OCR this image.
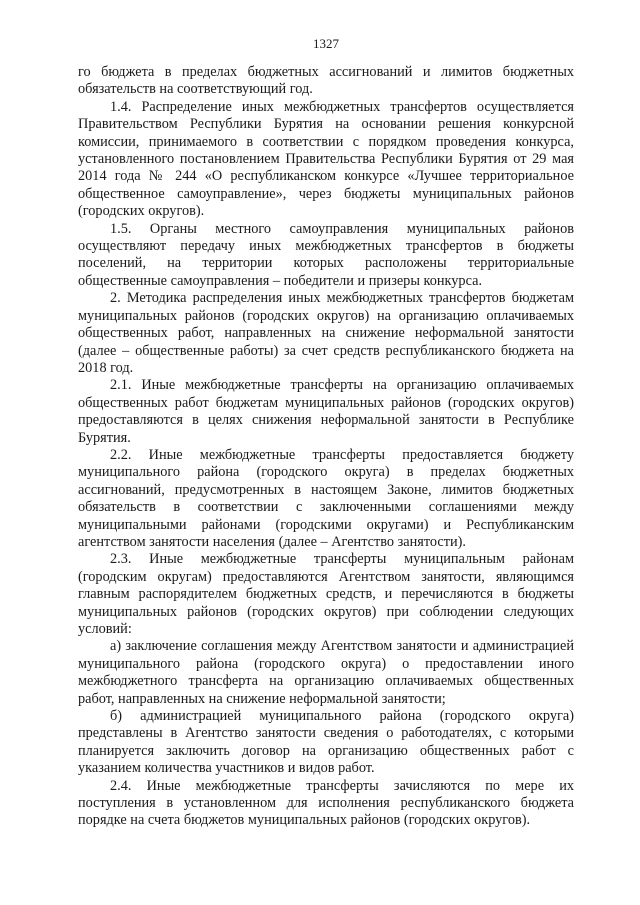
1327

го бюджета в пределах бюджетных ассигнований и лимитов бюджетных обязательств на соответствующий год.

1.4. Распределение иных межбюджетных трансфертов осуществляется Правительством Республики Бурятия на основании решения конкурсной комиссии, принимаемого в соответствии с порядком проведения конкурса, установленного постановлением Правительства Республики Бурятия от 29 мая 2014 года № 244 «О республиканском конкурсе «Лучшее территориальное общественное самоуправление», через бюджеты муниципальных районов (городских округов).

1.5. Органы местного самоуправления муниципальных районов осуществляют передачу иных межбюджетных трансфертов в бюджеты поселений, на территории которых расположены территориальные общественные самоуправления – победители и призеры конкурса.

2. Методика распределения иных межбюджетных трансфертов бюджетам муниципальных районов (городских округов) на организацию оплачиваемых общественных работ, направленных на снижение неформальной занятости (далее – общественные работы) за счет средств республиканского бюджета на 2018 год.

2.1. Иные межбюджетные трансферты на организацию оплачиваемых общественных работ бюджетам муниципальных районов (городских округов) предоставляются в целях снижения неформальной занятости в Республике Бурятия.

2.2. Иные межбюджетные трансферты предоставляется бюджету муниципального района (городского округа) в пределах бюджетных ассигнований, предусмотренных в настоящем Законе, лимитов бюджетных обязательств в соответствии с заключенными соглашениями между муниципальными районами (городскими округами) и Республиканским агентством занятости населения (далее – Агентство занятости).

2.3. Иные межбюджетные трансферты муниципальным районам (городским округам) предоставляются Агентством занятости, являющимся главным распорядителем бюджетных средств, и перечисляются в бюджеты муниципальных районов (городских округов) при соблюдении следующих условий:

а) заключение соглашения между Агентством занятости и администрацией муниципального района (городского округа) о предоставлении иного межбюджетного трансферта на организацию оплачиваемых общественных работ, направленных на снижение неформальной занятости;

б) администрацией муниципального района (городского округа) представлены в Агентство занятости сведения о работодателях, с которыми планируется заключить договор на организацию общественных работ с указанием количества участников и видов работ.

2.4. Иные межбюджетные трансферты зачисляются по мере их поступления в установленном для исполнения республиканского бюджета порядке на счета бюджетов муниципальных районов (городских округов).
